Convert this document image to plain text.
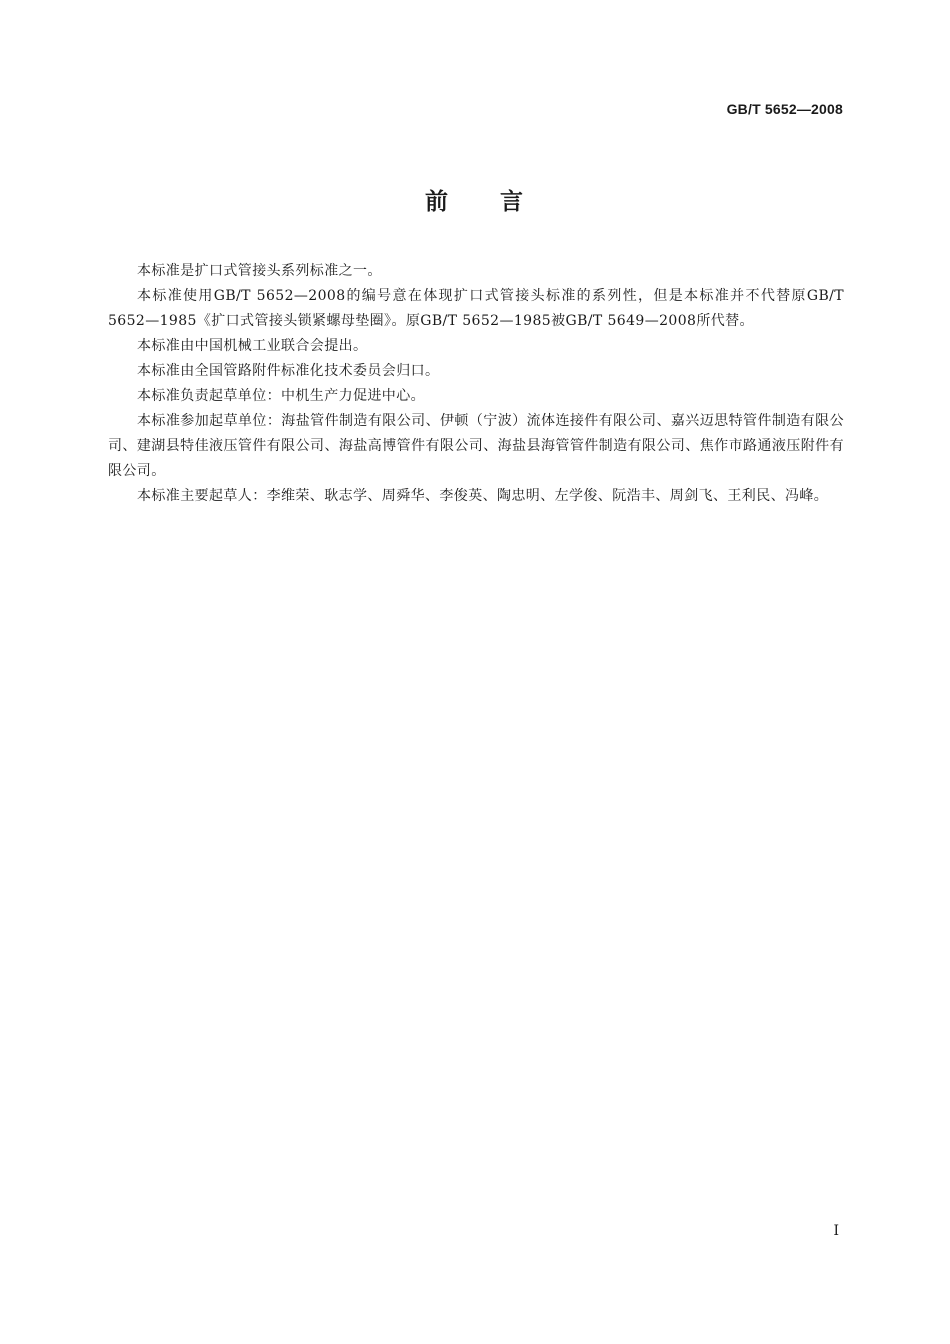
GB/T 5652—2008
前 言

本标准是扩口式管接头系列标准之一。

本标准使用GB/T 5652—2008的编号意在体现扩口式管接头标准的系列性，但是本标准并不代替原GB/T 5652—1985《扩口式管接头锁紧螺母垫圈》。原GB/T 5652—1985被GB/T 5649—2008所代替。

本标准由中国机械工业联合会提出。

本标准由全国管路附件标准化技术委员会归口。

本标准负责起草单位：中机生产力促进中心。

本标准参加起草单位：海盐管件制造有限公司、伊顿（宁波）流体连接件有限公司、嘉兴迈思特管件制造有限公司、建湖县特佳液压管件有限公司、海盐高博管件有限公司、海盐县海管管件制造有限公司、焦作市路通液压附件有限公司。

本标准主要起草人：李维荣、耿志学、周舜华、李俊英、陶忠明、左学俊、阮浩丰、周剑飞、王利民、冯峰。

I
